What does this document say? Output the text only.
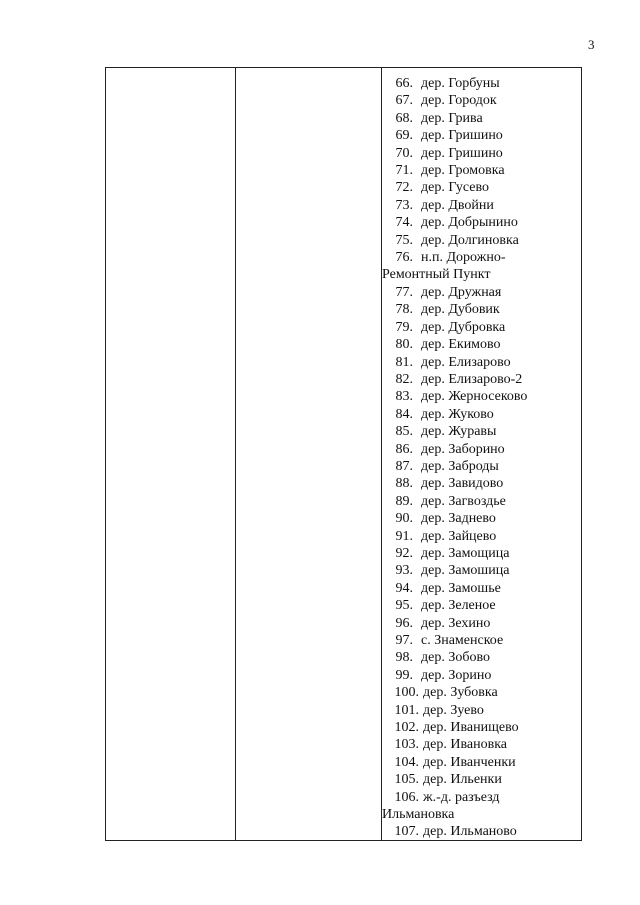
3
66. дер. Горбуны
67. дер. Городок
68. дер. Грива
69. дер. Гришино
70. дер. Гришино
71. дер. Громовка
72. дер. Гусево
73. дер. Двойни
74. дер. Добрынино
75. дер. Долгиновка
76. н.п. Дорожно-
Ремонтный Пункт
77. дер. Дружная
78. дер. Дубовик
79. дер. Дубровка
80. дер. Екимово
81. дер. Елизарово
82. дер. Елизарово-2
83. дер. Жерносеково
84. дер. Жуково
85. дер. Журавы
86. дер. Заборино
87. дер. Заброды
88. дер. Завидово
89. дер. Загвоздье
90. дер. Заднево
91. дер. Зайцево
92. дер. Замощица
93. дер. Замошица
94. дер. Замошье
95. дер. Зеленое
96. дер. Зехино
97. с. Знаменское
98. дер. Зобово
99. дер. Зорино
100. дер. Зубовка
101. дер. Зуево
102. дер. Иванищево
103. дер. Ивановка
104. дер. Иванченки
105. дер. Ильенки
106. ж.-д. разъезд
Ильмановка
107. дер. Ильманово
